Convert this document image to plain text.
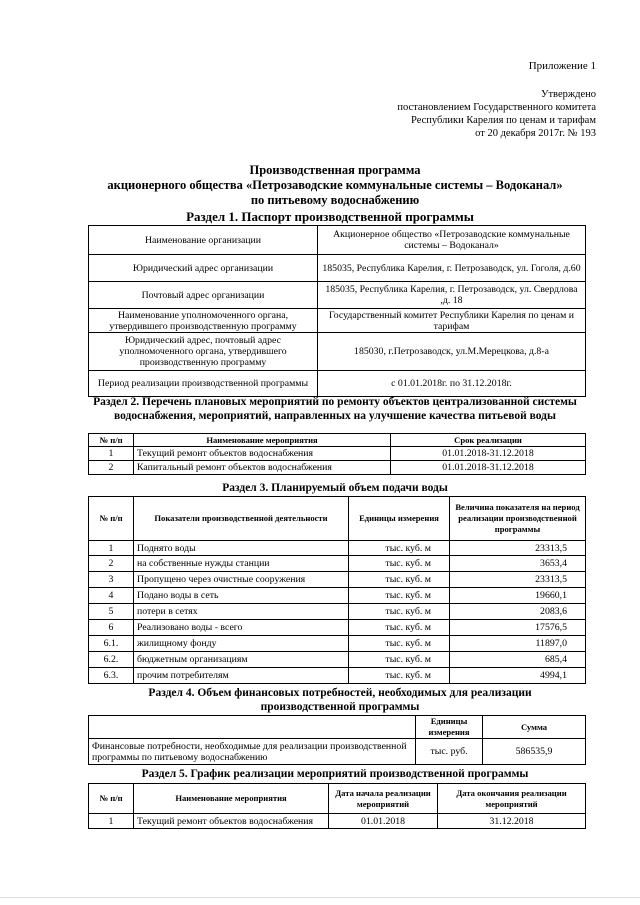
Приложение 1
Утверждено
постановлением Государственного комитета
Республики Карелия по ценам и тарифам
от 20 декабря 2017г. № 193
Производственная программа
акционерного общества «Петрозаводские коммунальные системы – Водоканал»
по питьевому водоснабжению
Раздел 1. Паспорт производственной программы
Наименование организации	Акционерное общество «Петрозаводские коммунальные системы – Водоканал»
Юридический адрес организации	185035, Республика Карелия, г. Петрозаводск, ул. Гоголя, д.60
Почтовый адрес организации	185035, Республика Карелия, г. Петрозаводск, ул. Свердлова ,д. 18
Наименование уполномоченного органа, утвердившего производственную программу	Государственный комитет Республики Карелия по ценам и тарифам
Юридический адрес, почтовый адрес уполномоченного органа, утвердившего производственную программу	185030, г.Петрозаводск, ул.М.Мерецкова, д.8-а
Период реализации производственной программы	с 01.01.2018г. по 31.12.2018г.
Раздел 2. Перечень плановых мероприятий по ремонту объектов централизованной системы водоснабжения, мероприятий, направленных на улучшение качества питьевой воды
№ п/п	Наименование мероприятия	Срок реализации
1	Текущий ремонт объектов водоснабжения	01.01.2018-31.12.2018
2	Капитальный ремонт объектов водоснабжения	01.01.2018-31.12.2018
Раздел 3. Планируемый объем подачи воды
№ п/п	Показатели производственной деятельности	Единицы измерения	Величина показателя на период реализации производственной программы
1	Поднято воды	тыс. куб. м	23313,5
2	на собственные нужды станции	тыс. куб. м	3653,4
3	Пропущено через очистные сооружения	тыс. куб. м	23313,5
4	Подано воды в сеть	тыс. куб. м	19660,1
5	потери в сетях	тыс. куб. м	2083,6
6	Реализовано воды - всего	тыс. куб. м	17576,5
6.1.	жилищному фонду	тыс. куб. м	11897,0
6.2.	бюджетным организациям	тыс. куб. м	685,4
6.3.	прочим потребителям	тыс. куб. м	4994,1
Раздел 4. Объем финансовых потребностей, необходимых для реализации производственной программы
	Единицы измерения	Сумма
Финансовые потребности, необходимые для реализации производственной программы по питьевому водоснабжению	тыс. руб.	586535,9
Раздел 5. График реализации мероприятий производственной программы
№ п/п	Наименование мероприятия	Дата начала реализации мероприятий	Дата окончания реализации мероприятий
1	Текущий ремонт объектов водоснабжения	01.01.2018	31.12.2018
